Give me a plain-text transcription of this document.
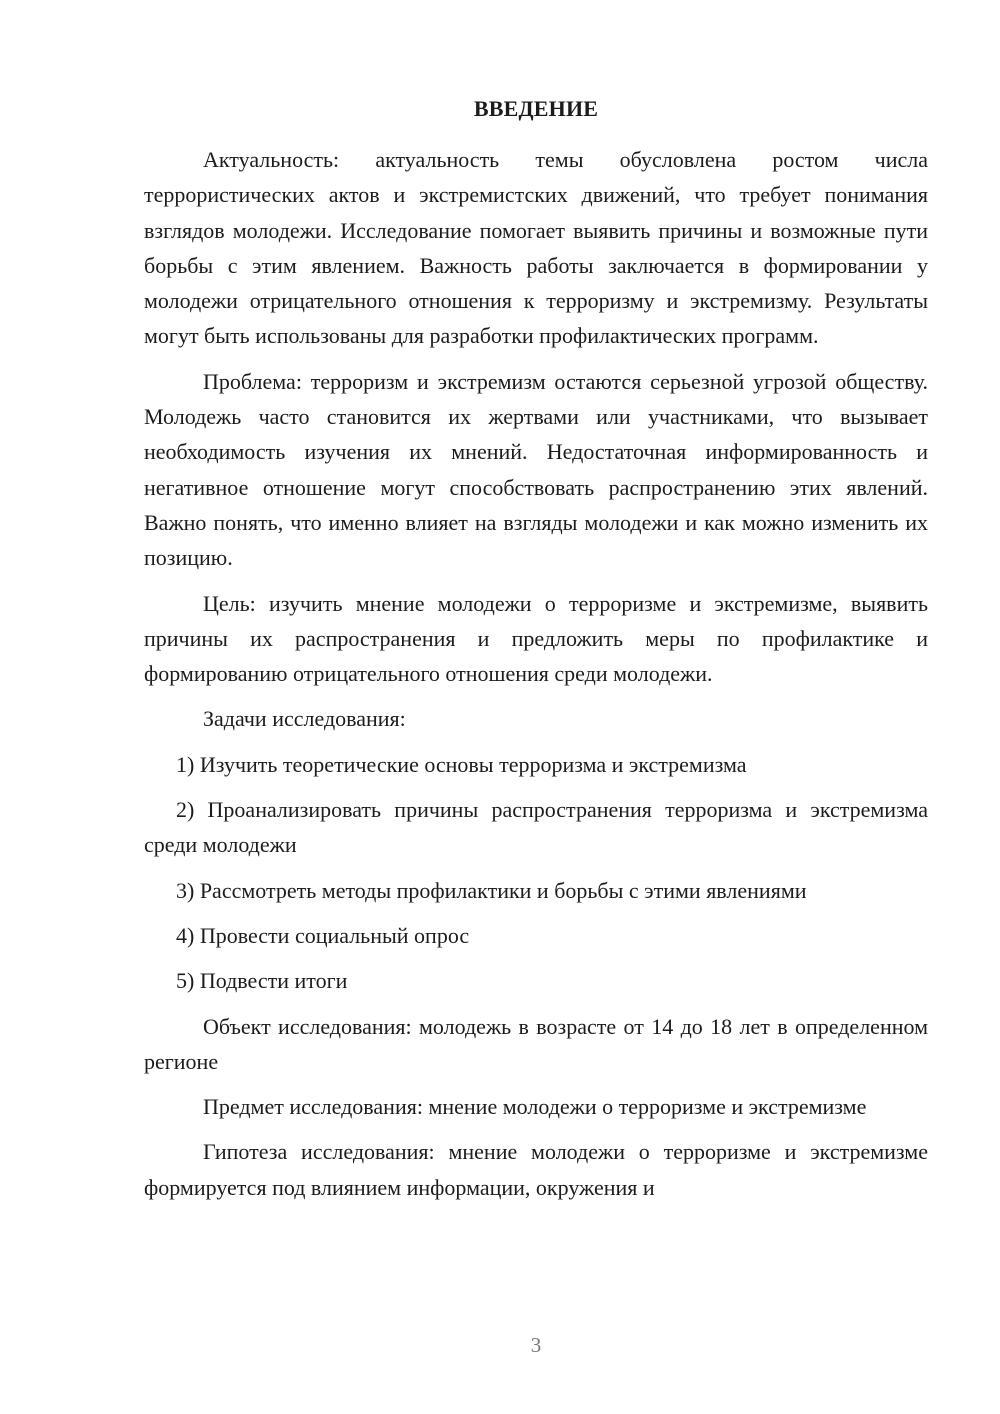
ВВЕДЕНИЕ

Актуальность: актуальность темы обусловлена ростом числа террористических актов и экстремистских движений, что требует понимания взглядов молодежи. Исследование помогает выявить причины и возможные пути борьбы с этим явлением. Важность работы заключается в формировании у молодежи отрицательного отношения к терроризму и экстремизму. Результаты могут быть использованы для разработки профилактических программ.

Проблема: терроризм и экстремизм остаются серьезной угрозой обществу. Молодежь часто становится их жертвами или участниками, что вызывает необходимость изучения их мнений. Недостаточная информированность и негативное отношение могут способствовать распространению этих явлений. Важно понять, что именно влияет на взгляды молодежи и как можно изменить их позицию.

Цель: изучить мнение молодежи о терроризме и экстремизме, выявить причины их распространения и предложить меры по профилактике и формированию отрицательного отношения среди молодежи.

Задачи исследования:

1) Изучить теоретические основы терроризма и экстремизма

2) Проанализировать причины распространения терроризма и экстремизма среди молодежи

3) Рассмотреть методы профилактики и борьбы с этими явлениями

4) Провести социальный опрос

5) Подвести итоги

Объект исследования: молодежь в возрасте от 14 до 18 лет в определенном регионе

Предмет исследования: мнение молодежи о терроризме и экстремизме

Гипотеза исследования: мнение молодежи о терроризме и экстремизме формируется под влиянием информации, окружения и

3
